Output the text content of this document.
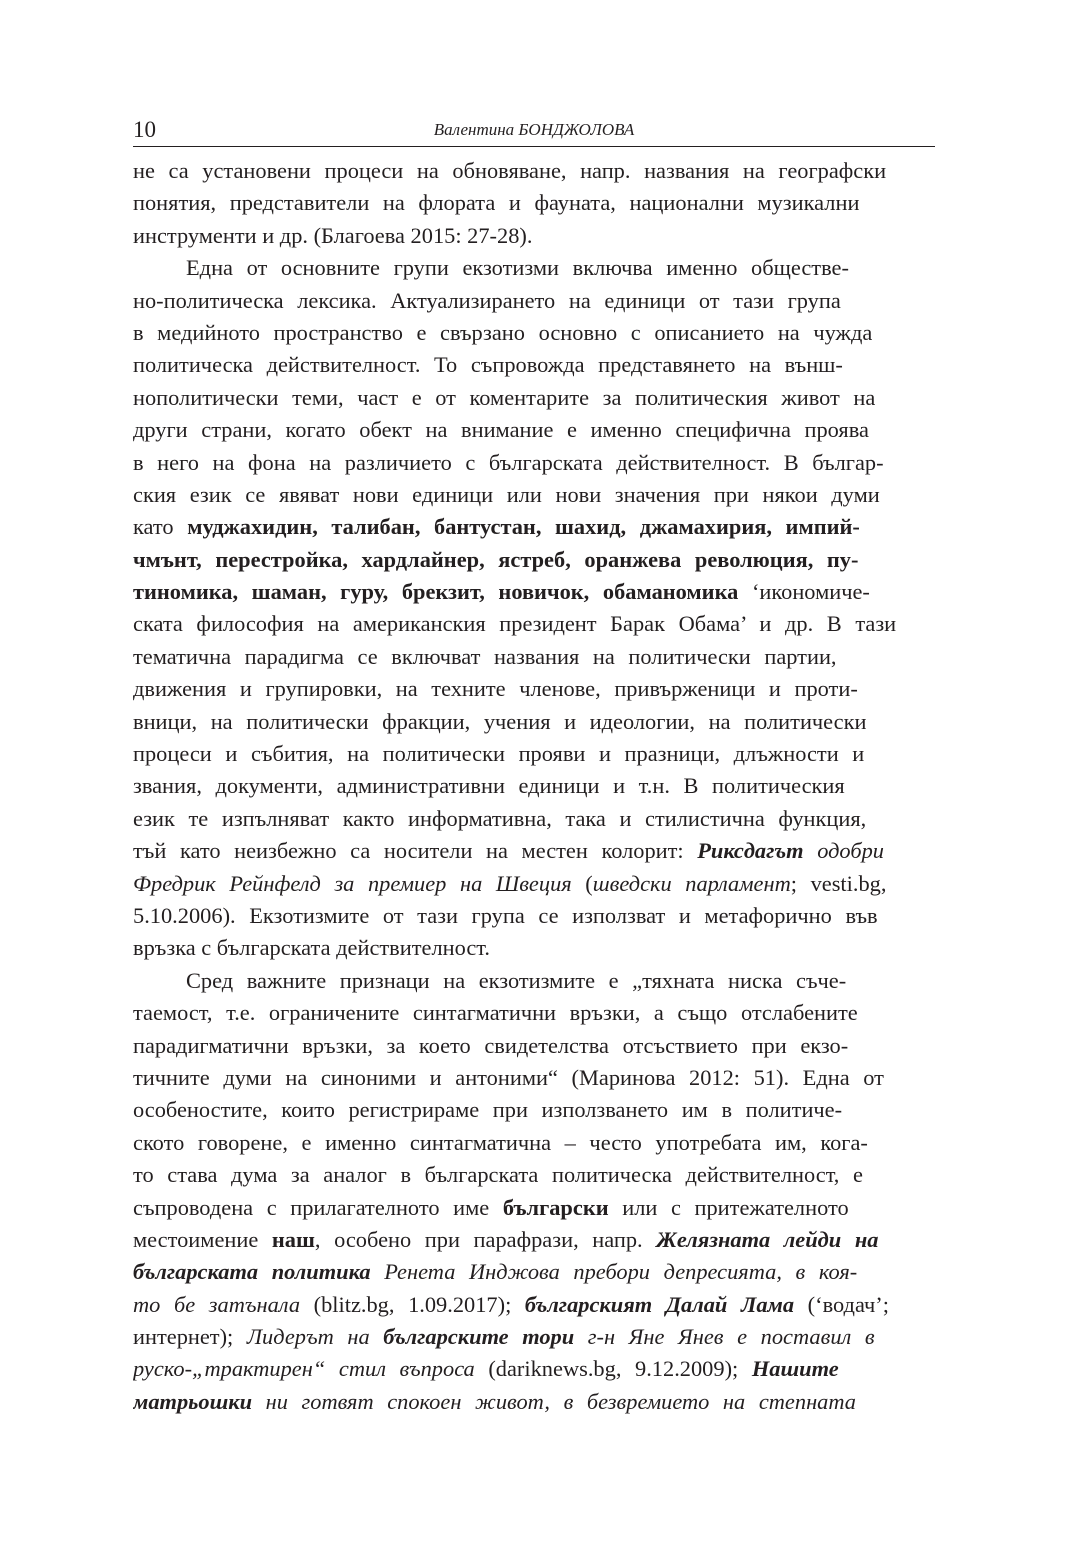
10	Валентина БОНДЖОЛОВА
не са установени процеси на обновяване, напр. названия на географски
понятия, представители на флората и фауната, национални музикални
инструменти и др. (Благоева 2015: 27-28).
Една от основните групи екзотизми включва именно обществе-
но-политическа лексика. Актуализирането на единици от тази група
в медийното пространство е свързано основно с описанието на чужда
политическа действителност. То съпровожда представянето на външ-
нополитически теми, част е от коментарите за политическия живот на
други страни, когато обект на внимание е именно специфична проява
в него на фона на различието с българската действителност. В българ-
ския език се явяват нови единици или нови значения при някои думи
като муджахидин, талибан, бантустан, шахид, джамахирия, импий-
чмънт, перестройка, хардлайнер, ястреб, оранжева революция, пу-
тиномика, шаман, гуру, брекзит, новичок, обаманомика ‘икономиче-
ската философия на американския президент Барак Обама’ и др. В тази
тематична парадигма се включват названия на политически партии,
движения и групировки, на техните членове, привърженици и проти-
вници, на политически фракции, учения и идеологии, на политически
процеси и събития, на политически прояви и празници, длъжности и
звания, документи, административни единици и т.н. В политическия
език те изпълняват както информативна, така и стилистична функция,
тъй като неизбежно са носители на местен колорит: Риксдагът одобри
Фредрик Рейнфелд за премиер на Швеция (шведски парламент; vesti.bg,
5.10.2006). Екзотизмите от тази група се използват и метафорично във
връзка с българската действителност.
Сред важните признаци на екзотизмите е „тяхната ниска съче-
таемост, т.е. ограничените синтагматични връзки, а също отслабените
парадигматични връзки, за което свидетелства отсъствието при екзо-
тичните думи на синоними и антоними“ (Маринова 2012: 51). Една от
особеностите, които регистрираме при използването им в политиче-
ското говорене, е именно синтагматична – често употребата им, кога-
то става дума за аналог в българската политическа действителност, е
съпроводена с прилагателното име български или с притежателното
местоимение наш, особено при парафрази, напр. Желязната лейди на
българската политика Ренета Инджова пребори депресията, в коя-
то бе затънала (blitz.bg, 1.09.2017); българският Далай Лама (‘водач’;
интернет); Лидерът на българските тори г-н Яне Янев е поставил в
руско-„трактирен“ стил въпроса (dariknews.bg, 9.12.2009); Нашите
матрьошки ни готвят спокоен живот, в безвремието на степната
